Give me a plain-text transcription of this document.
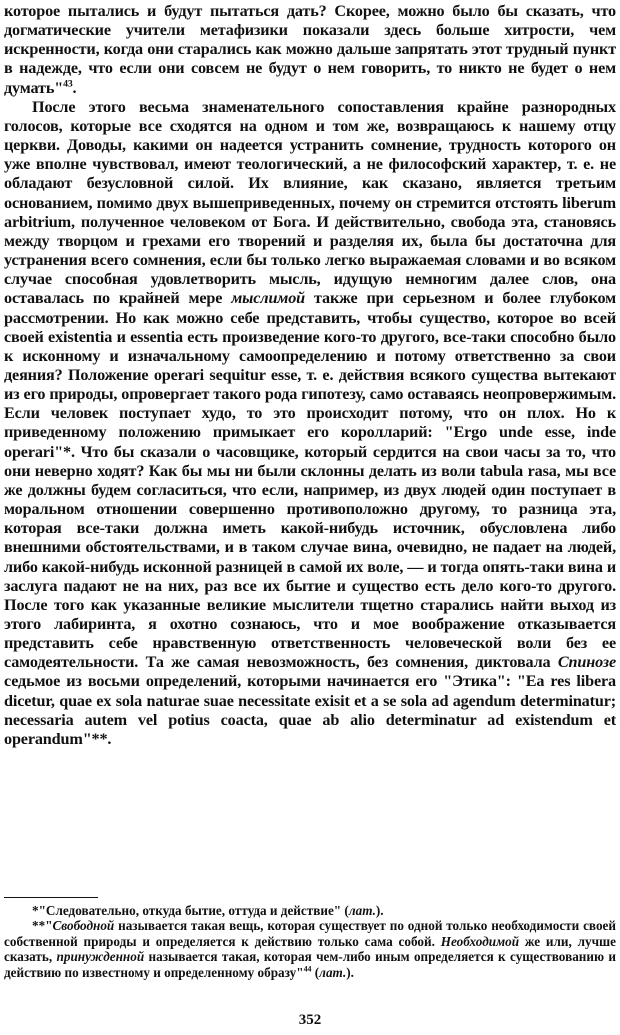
которое пытались и будут пытаться дать? Скорее, можно было бы сказать, что догматические учители метафизики показали здесь больше хитрости, чем искренности, когда они старались как можно дальше запрятать этот трудный пункт в надежде, что если они совсем не будут о нем говорить, то никто не будет о нем думать"$^{43}$.

После этого весьма знаменательного сопоставления крайне разнородных голосов, которые все сходятся на одном и том же, возвращаюсь к нашему отцу церкви. Доводы, какими он надеется устранить сомнение, трудность которого он уже вполне чувствовал, имеют теологический, а не философский характер, т. е. не обладают безусловной силой. Их влияние, как сказано, является третьим основанием, помимо двух вышеприведенных, почему он стремится отстоять liberum arbitrium, полученное человеком от Бога. И действительно, свобода эта, становясь между творцом и грехами его творений и разделяя их, была бы достаточна для устранения всего сомнения, если бы только легко выражаемая словами и во всяком случае способная удовлетворить мысль, идущую немногим далее слов, она оставалась по крайней мере мыслимой также при серьезном и более глубоком рассмотрении. Но как можно себе представить, чтобы существо, которое во всей своей existentia и essentia есть произведение кого-то другого, все-таки способно было к исконному и изначальному самоопределению и потому ответственно за свои деяния? Положение operari sequitur esse, т. е. действия всякого существа вытекают из его природы, опровергает такого рода гипотезу, само оставаясь неопровержимым. Если человек поступает худо, то это происходит потому, что он плох. Но к приведенному положению примыкает его королларий: "Ergo unde esse, inde operari"*. Что бы сказали о часовщике, который сердится на свои часы за то, что они неверно ходят? Как бы мы ни были склонны делать из воли tabula rasa, мы все же должны будем согласиться, что если, например, из двух людей один поступает в моральном отношении совершенно противоположно другому, то разница эта, которая все-таки должна иметь какой-нибудь источник, обусловлена либо внешними обстоятельствами, и в таком случае вина, очевидно, не падает на людей, либо какой-нибудь исконной разницей в самой их воле, — и тогда опять-таки вина и заслуга падают не на них, раз все их бытие и существо есть дело кого-то другого. После того как указанные великие мыслители тщетно старались найти выход из этого лабиринта, я охотно сознаюсь, что и мое воображение отказывается представить себе нравственную ответственность человеческой воли без ее самодеятельности. Та же самая невозможность, без сомнения, диктовала Спинозе седьмое из восьми определений, которыми начинается его "Этика": "Ea res libera dicetur, quae ex sola naturae suae necessitate exisit et a se sola ad agendum determinatur; necessaria autem vel potius coacta, quae ab alio determinatur ad existendum et operandum"**.

*"Следовательно, откуда бытие, оттуда и действие" (лат.).

**"Свободной называется такая вещь, которая существует по одной только необходимости своей собственной природы и определяется к действию только сама собой. Необходимой же или, лучше сказать, принужденной называется такая, которая чем-либо иным определяется к существованию и действию по известному и определенному образу"$^{44}$ (лат.).

352
